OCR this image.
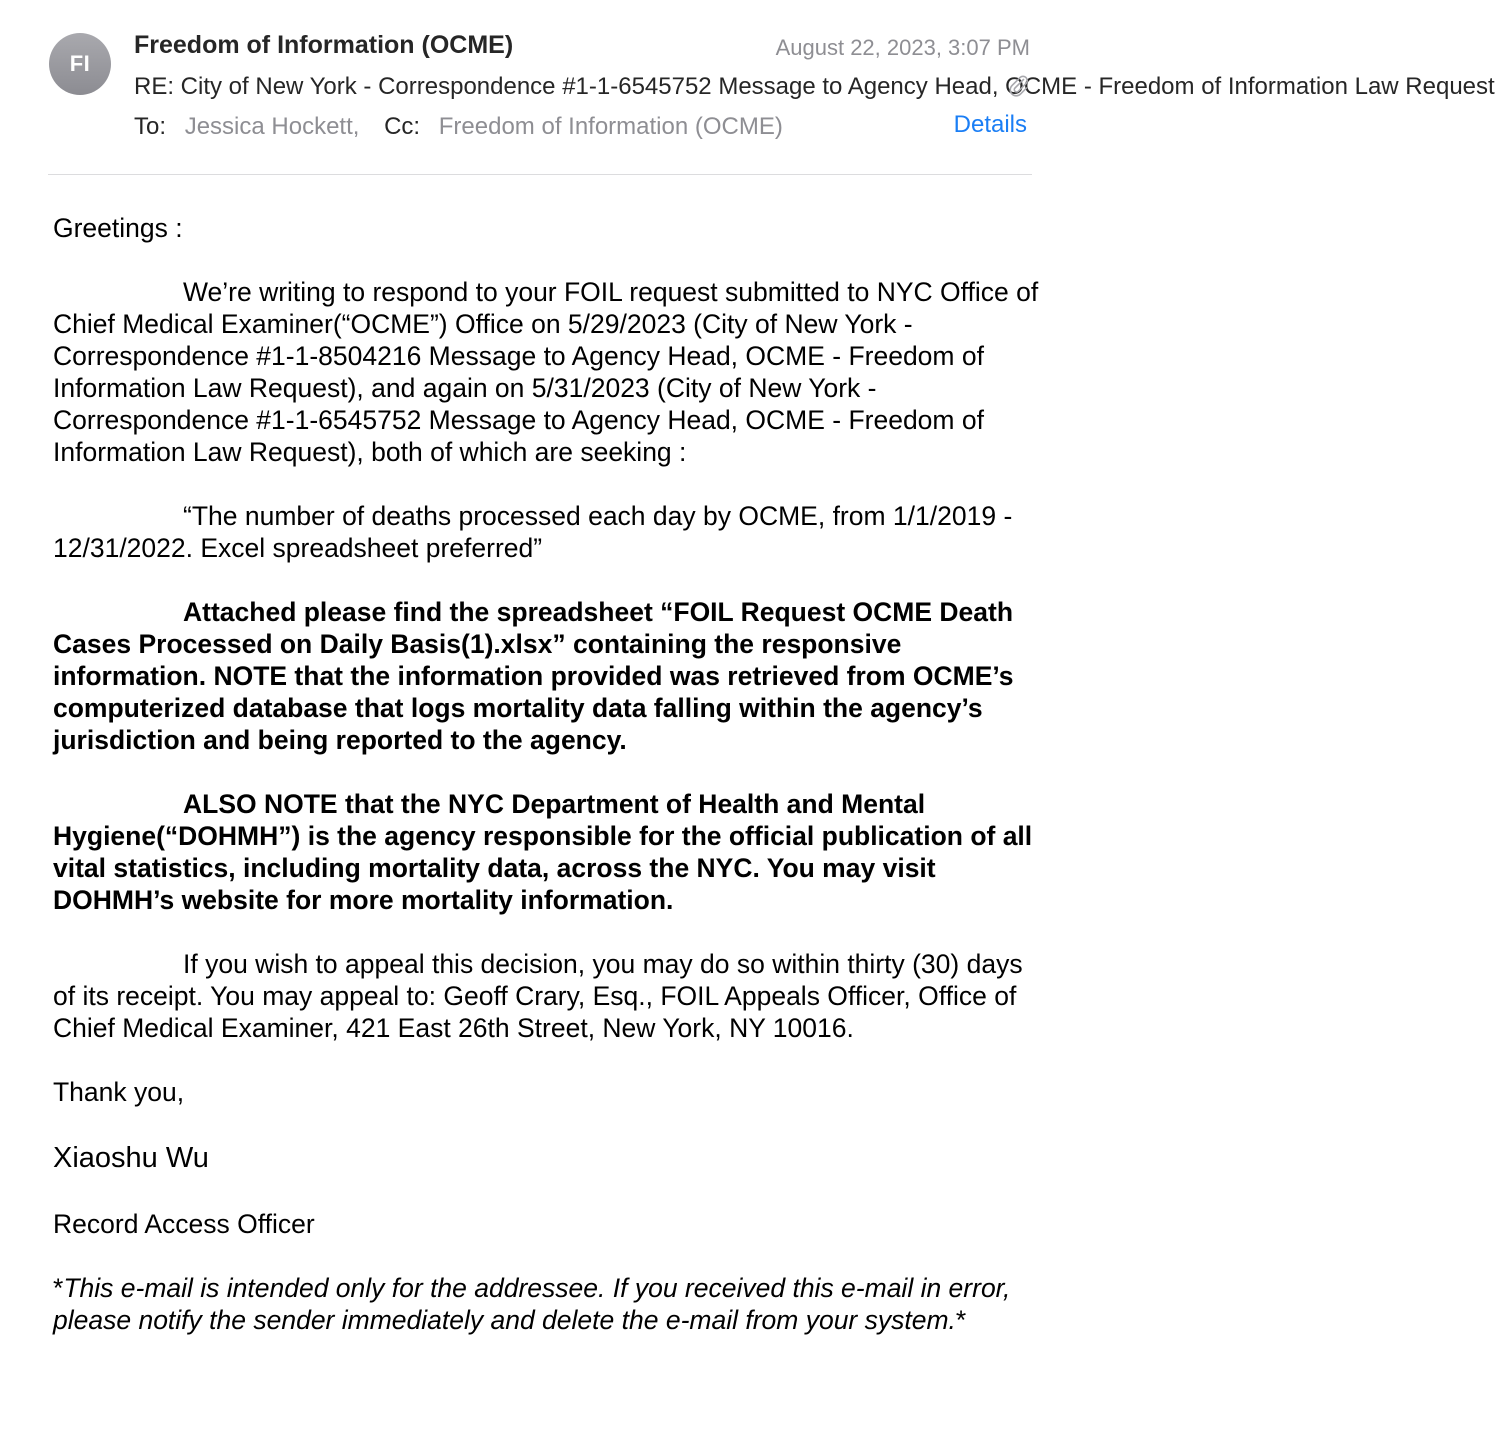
FI
Freedom of Information (OCME)	August 22, 2023, 3:07 PM
RE: City of New York - Correspondence #1-1-6545752 Message to Agency Head, OCME - Freedom of Information Law Request
To: Jessica Hockett, Cc: Freedom of Information (OCME)	Details

Greetings :

We’re writing to respond to your FOIL request submitted to NYC Office of Chief Medical Examiner(“OCME”) Office on 5/29/2023 (City of New York - Correspondence #1-1-8504216 Message to Agency Head, OCME - Freedom of Information Law Request), and again on 5/31/2023 (City of New York - Correspondence #1-1-6545752 Message to Agency Head, OCME - Freedom of Information Law Request), both of which are seeking :

“The number of deaths processed each day by OCME, from 1/1/2019 - 12/31/2022. Excel spreadsheet preferred”

Attached please find the spreadsheet “FOIL Request OCME Death Cases Processed on Daily Basis(1).xlsx” containing the responsive information. NOTE that the information provided was retrieved from OCME’s computerized database that logs mortality data falling within the agency’s jurisdiction and being reported to the agency.

ALSO NOTE that the NYC Department of Health and Mental Hygiene(“DOHMH”) is the agency responsible for the official publication of all vital statistics, including mortality data, across the NYC. You may visit DOHMH’s website for more mortality information.

If you wish to appeal this decision, you may do so within thirty (30) days of its receipt. You may appeal to: Geoff Crary, Esq., FOIL Appeals Officer, Office of Chief Medical Examiner, 421 East 26th Street, New York, NY 10016.

Thank you,

Xiaoshu Wu

Record Access Officer

*This e-mail is intended only for the addressee. If you received this e-mail in error, please notify the sender immediately and delete the e-mail from your system.*
